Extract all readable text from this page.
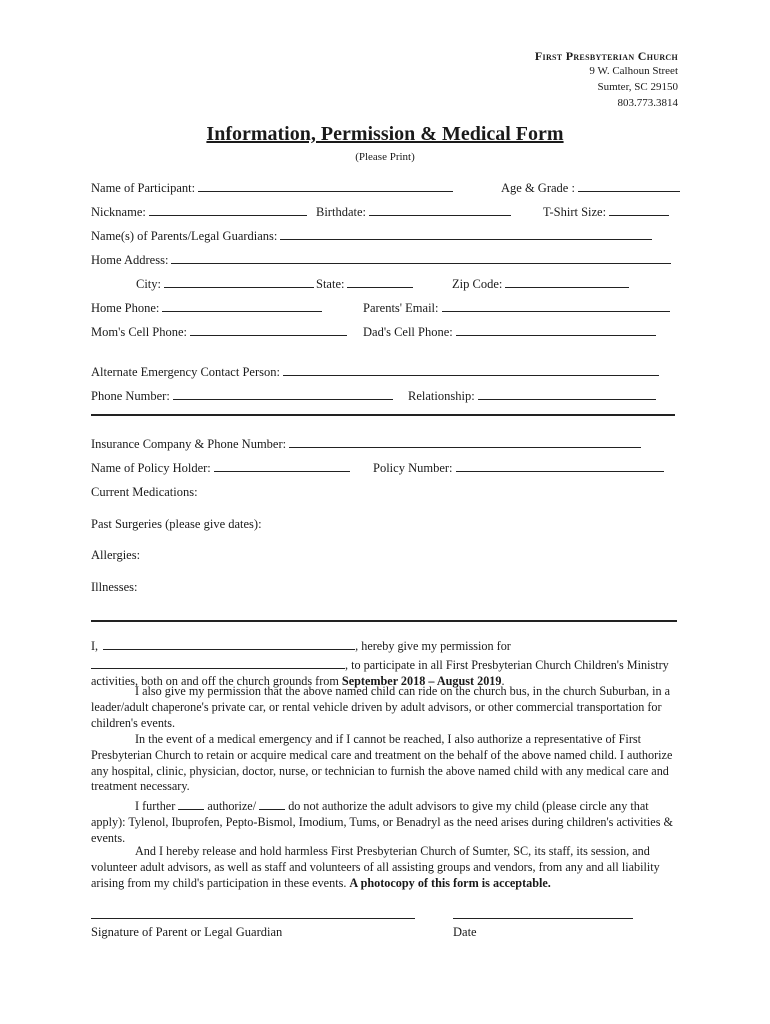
First Presbyterian Church
9 W. Calhoun Street
Sumter, SC 29150
803.773.3814
Information, Permission & Medical Form
(Please Print)
Name of Participant:	Age & Grade :
Nickname:	Birthdate:	T-Shirt Size:
Name(s) of Parents/Legal Guardians:
Home Address:
City:	State:	Zip Code:
Home Phone:	Parents' Email:
Mom's Cell Phone:	Dad's Cell Phone:
Alternate Emergency Contact Person:
Phone Number:	Relationship:
Insurance Company & Phone Number:
Name of Policy Holder:	Policy Number:
Current Medications:
Past Surgeries (please give dates):
Allergies:
Illnesses:
I,	, hereby give my permission for
, to participate in all First Presbyterian Church Children's Ministry activities, both on and off the church grounds from September 2018 – August 2019.
I also give my permission that the above named child can ride on the church bus, in the church Suburban, in a leader/adult chaperone's private car, or rental vehicle driven by adult advisors, or other commercial transportation for children's events.
In the event of a medical emergency and if I cannot be reached, I also authorize a representative of First Presbyterian Church to retain or acquire medical care and treatment on the behalf of the above named child. I authorize any hospital, clinic, physician, doctor, nurse, or technician to furnish the above named child with any medical care and treatment necessary.
I further  authorize/  do not authorize the adult advisors to give my child (please circle any that apply): Tylenol, Ibuprofen, Pepto-Bismol, Imodium, Tums, or Benadryl as the need arises during children's activities & events.
And I hereby release and hold harmless First Presbyterian Church of Sumter, SC, its staff, its session, and volunteer adult advisors, as well as staff and volunteers of all assisting groups and vendors, from any and all liability arising from my child's participation in these events. A photocopy of this form is acceptable.
Signature of Parent or Legal Guardian	Date
